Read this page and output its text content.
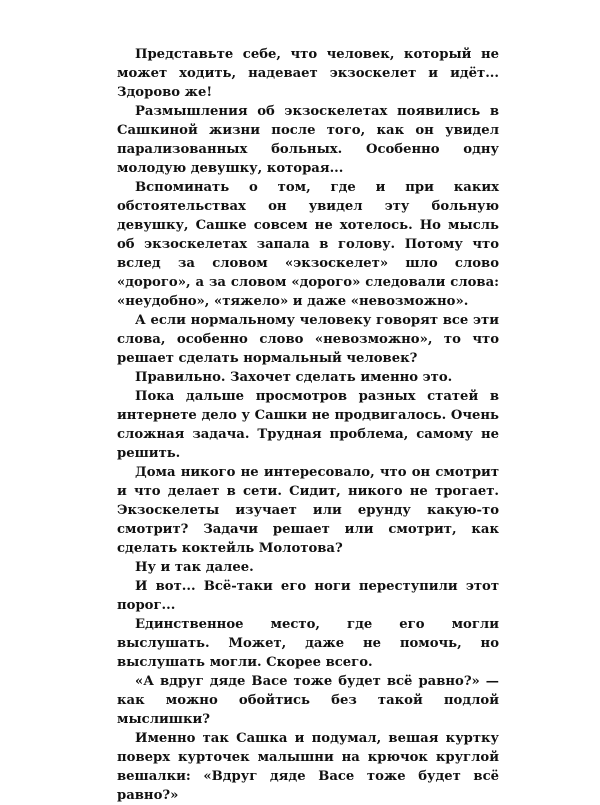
Представьте себе, что человек, который не может ходить, надевает экзоскелет и идёт... Здорово же!

Размышления об экзоскелетах появились в Сашкиной жизни после того, как он увидел парализованных больных. Особенно одну молодую девушку, которая...

Вспоминать о том, где и при каких обстоятельствах он увидел эту больную девушку, Сашке совсем не хотелось. Но мысль об экзоскелетах запала в голову. Потому что вслед за словом «экзоскелет» шло слово «дорого», а за словом «дорого» следовали слова: «неудобно», «тяжело» и даже «невозможно».

А если нормальному человеку говорят все эти слова, особенно слово «невозможно», то что решает сделать нормальный человек?

Правильно. Захочет сделать именно это.

Пока дальше просмотров разных статей в интернете дело у Сашки не продвигалось. Очень сложная задача. Трудная проблема, самому не решить.

Дома никого не интересовало, что он смотрит и что делает в сети. Сидит, никого не трогает. Экзоскелеты изучает или ерунду какую-то смотрит? Задачи решает или смотрит, как сделать коктейль Молотова?

Ну и так далее.

И вот... Всё-таки его ноги переступили этот порог...

Единственное место, где его могли выслушать. Может, даже не помочь, но выслушать могли. Скорее всего.

«А вдруг дяде Васе тоже будет всё равно?» — как можно обойтись без такой подлой мыслишки?

Именно так Сашка и подумал, вешая куртку поверх курточек малышни на крючок круглой вешалки: «Вдруг дяде Васе тоже будет всё равно?»
